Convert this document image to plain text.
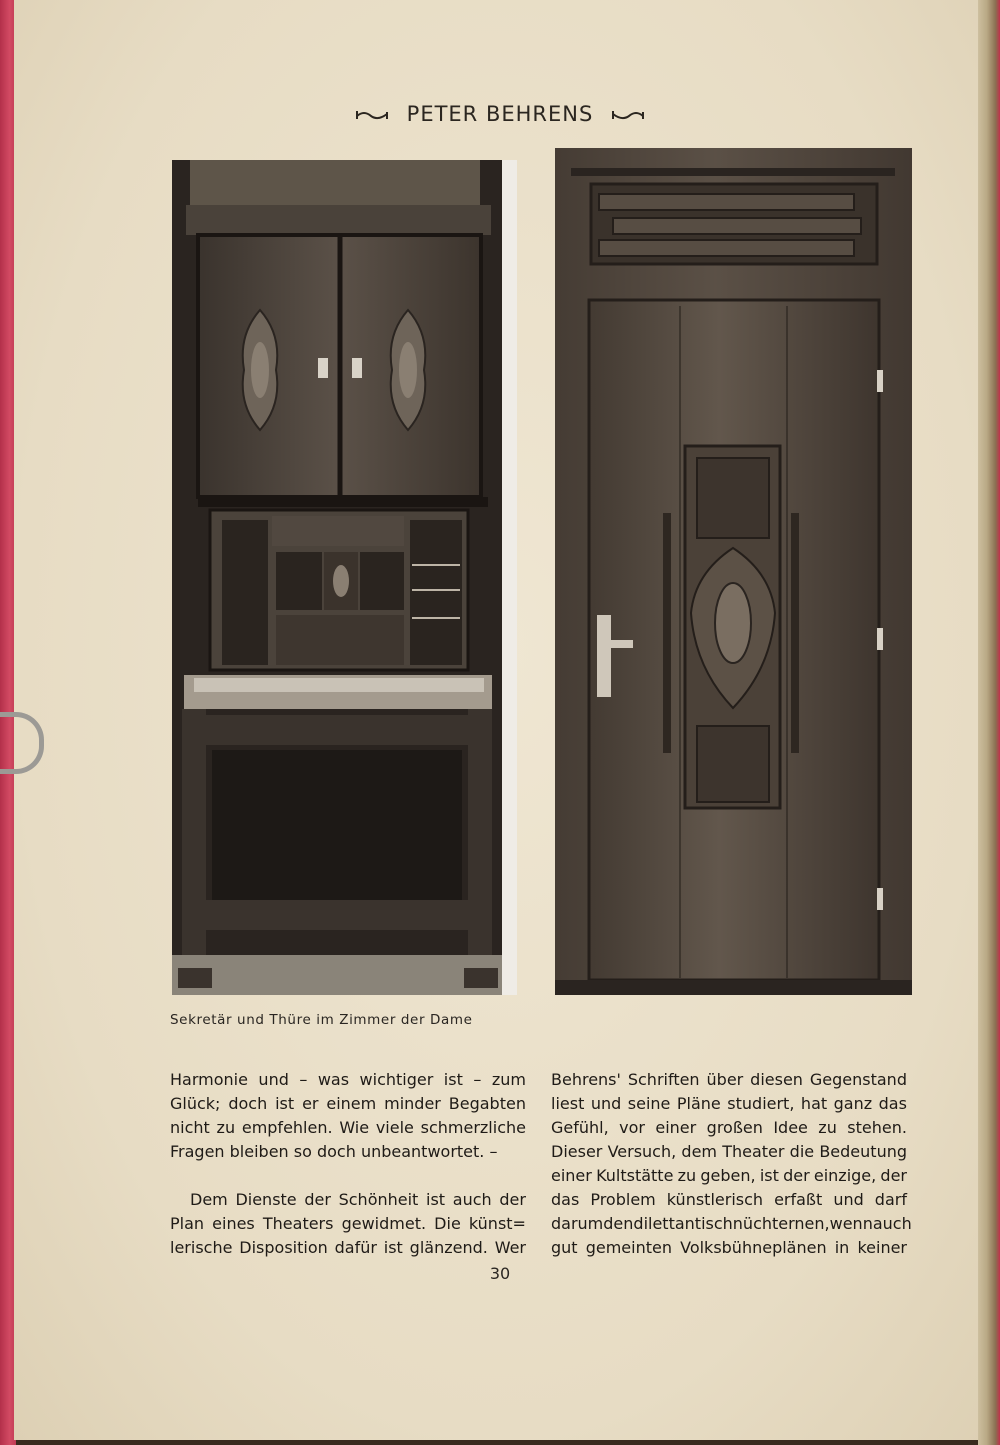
PETER BEHRENS
Sekretär und Thüre im Zimmer der Dame
Harmonie und – was wichtiger ist – zum
Glück; doch ist er einem minder Begabten
nicht zu empfehlen. Wie viele schmerzliche
Fragen bleiben so doch unbeantwortet. –
Dem Dienste der Schönheit ist auch der
Plan eines Theaters gewidmet. Die künst=
lerische Disposition dafür ist glänzend. Wer
Behrens' Schriften über diesen Gegenstand
liest und seine Pläne studiert, hat ganz das
Gefühl, vor einer großen Idee zu stehen.
Dieser Versuch, dem Theater die Bedeutung
einer Kultstätte zu geben, ist der einzige, der
das Problem künstlerisch erfaßt und darf
darum den dilettantisch nüchternen, wenn auch
gut gemeinten Volksbühneplänen in keiner
30
